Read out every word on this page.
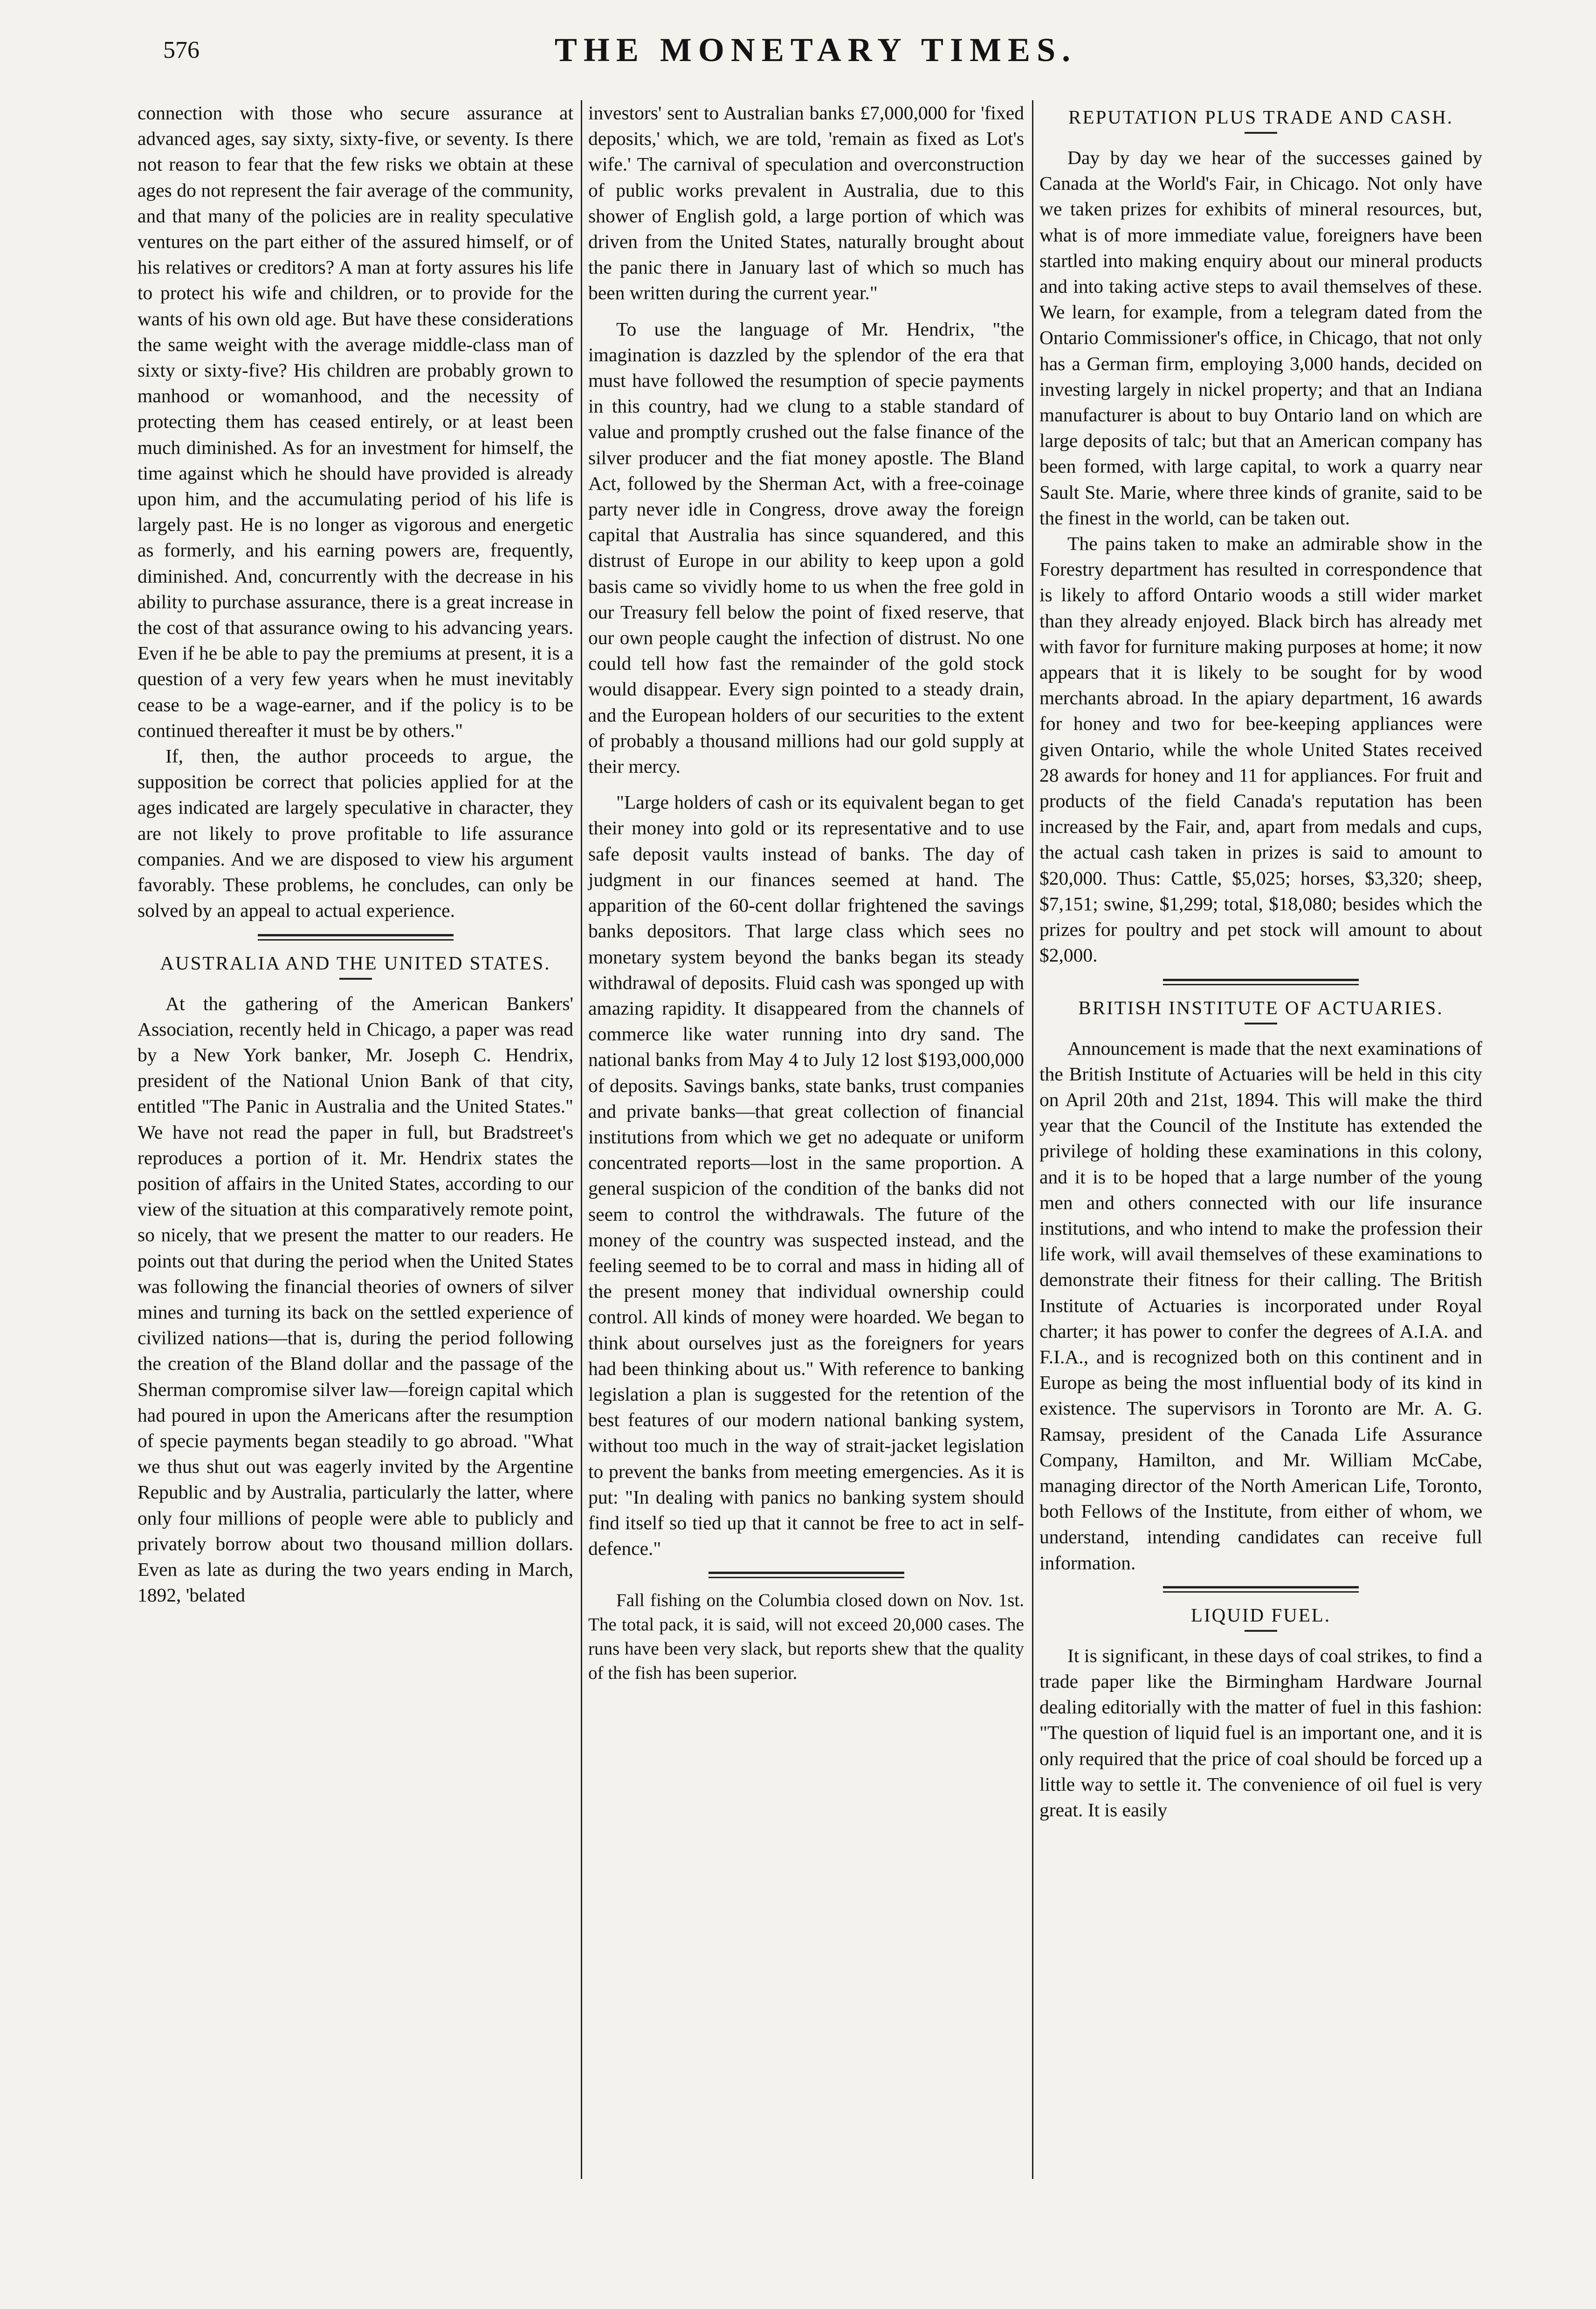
576	THE MONETARY TIMES.

connection with those who secure assurance at advanced ages, say sixty, sixty-five, or seventy. Is there not reason to fear that the few risks we obtain at these ages do not represent the fair average of the community, and that many of the policies are in reality speculative ventures on the part either of the assured himself, or of his relatives or creditors? A man at forty assures his life to protect his wife and children, or to provide for the wants of his own old age. But have these considerations the same weight with the average middle-class man of sixty or sixty-five? His children are probably grown to manhood or womanhood, and the necessity of protecting them has ceased entirely, or at least been much diminished. As for an investment for himself, the time against which he should have provided is already upon him, and the accumulating period of his life is largely past. He is no longer as vigorous and energetic as formerly, and his earning powers are, frequently, diminished. And, concurrently with the decrease in his ability to purchase assurance, there is a great increase in the cost of that assurance owing to his advancing years. Even if he be able to pay the premiums at present, it is a question of a very few years when he must inevitably cease to be a wage-earner, and if the policy is to be continued thereafter it must be by others."

If, then, the author proceeds to argue, the supposition be correct that policies applied for at the ages indicated are largely speculative in character, they are not likely to prove profitable to life assurance companies. And we are disposed to view his argument favorably. These problems, he concludes, can only be solved by an appeal to actual experience.

AUSTRALIA AND THE UNITED STATES.

At the gathering of the American Bankers' Association, recently held in Chicago, a paper was read by a New York banker, Mr. Joseph C. Hendrix, president of the National Union Bank of that city, entitled "The Panic in Australia and the United States." We have not read the paper in full, but Bradstreet's reproduces a portion of it. Mr. Hendrix states the position of affairs in the United States, according to our view of the situation at this comparatively remote point, so nicely, that we present the matter to our readers. He points out that during the period when the United States was following the financial theories of owners of silver mines and turning its back on the settled experience of civilized nations—that is, during the period following the creation of the Bland dollar and the passage of the Sherman compromise silver law—foreign capital which had poured in upon the Americans after the resumption of specie payments began steadily to go abroad. "What we thus shut out was eagerly invited by the Argentine Republic and by Australia, particularly the latter, where only four millions of people were able to publicly and privately borrow about two thousand million dollars. Even as late as during the two years ending in March, 1892, 'belated

investors' sent to Australian banks £7,000,000 for 'fixed deposits,' which, we are told, 'remain as fixed as Lot's wife.' The carnival of speculation and overconstruction of public works prevalent in Australia, due to this shower of English gold, a large portion of which was driven from the United States, naturally brought about the panic there in January last of which so much has been written during the current year."

To use the language of Mr. Hendrix, "the imagination is dazzled by the splendor of the era that must have followed the resumption of specie payments in this country, had we clung to a stable standard of value and promptly crushed out the false finance of the silver producer and the fiat money apostle. The Bland Act, followed by the Sherman Act, with a free-coinage party never idle in Congress, drove away the foreign capital that Australia has since squandered, and this distrust of Europe in our ability to keep upon a gold basis came so vividly home to us when the free gold in our Treasury fell below the point of fixed reserve, that our own people caught the infection of distrust. No one could tell how fast the remainder of the gold stock would disappear. Every sign pointed to a steady drain, and the European holders of our securities to the extent of probably a thousand millions had our gold supply at their mercy.

"Large holders of cash or its equivalent began to get their money into gold or its representative and to use safe deposit vaults instead of banks. The day of judgment in our finances seemed at hand. The apparition of the 60-cent dollar frightened the savings banks depositors. That large class which sees no monetary system beyond the banks began its steady withdrawal of deposits. Fluid cash was sponged up with amazing rapidity. It disappeared from the channels of commerce like water running into dry sand. The national banks from May 4 to July 12 lost $193,000,000 of deposits. Savings banks, state banks, trust companies and private banks—that great collection of financial institutions from which we get no adequate or uniform concentrated reports—lost in the same proportion. A general suspicion of the condition of the banks did not seem to control the withdrawals. The future of the money of the country was suspected instead, and the feeling seemed to be to corral and mass in hiding all of the present money that individual ownership could control. All kinds of money were hoarded. We began to think about ourselves just as the foreigners for years had been thinking about us." With reference to banking legislation a plan is suggested for the retention of the best features of our modern national banking system, without too much in the way of strait-jacket legislation to prevent the banks from meeting emergencies. As it is put: "In dealing with panics no banking system should find itself so tied up that it cannot be free to act in self-defence."

Fall fishing on the Columbia closed down on Nov. 1st. The total pack, it is said, will not exceed 20,000 cases. The runs have been very slack, but reports shew that the quality of the fish has been superior.

REPUTATION PLUS TRADE AND CASH.

Day by day we hear of the successes gained by Canada at the World's Fair, in Chicago. Not only have we taken prizes for exhibits of mineral resources, but, what is of more immediate value, foreigners have been startled into making enquiry about our mineral products and into taking active steps to avail themselves of these. We learn, for example, from a telegram dated from the Ontario Commissioner's office, in Chicago, that not only has a German firm, employing 3,000 hands, decided on investing largely in nickel property; and that an Indiana manufacturer is about to buy Ontario land on which are large deposits of talc; but that an American company has been formed, with large capital, to work a quarry near Sault Ste. Marie, where three kinds of granite, said to be the finest in the world, can be taken out.

The pains taken to make an admirable show in the Forestry department has resulted in correspondence that is likely to afford Ontario woods a still wider market than they already enjoyed. Black birch has already met with favor for furniture making purposes at home; it now appears that it is likely to be sought for by wood merchants abroad. In the apiary department, 16 awards for honey and two for bee-keeping appliances were given Ontario, while the whole United States received 28 awards for honey and 11 for appliances. For fruit and products of the field Canada's reputation has been increased by the Fair, and, apart from medals and cups, the actual cash taken in prizes is said to amount to $20,000. Thus: Cattle, $5,025; horses, $3,320; sheep, $7,151; swine, $1,299; total, $18,080; besides which the prizes for poultry and pet stock will amount to about $2,000.

BRITISH INSTITUTE OF ACTUARIES.

Announcement is made that the next examinations of the British Institute of Actuaries will be held in this city on April 20th and 21st, 1894. This will make the third year that the Council of the Institute has extended the privilege of holding these examinations in this colony, and it is to be hoped that a large number of the young men and others connected with our life insurance institutions, and who intend to make the profession their life work, will avail themselves of these examinations to demonstrate their fitness for their calling. The British Institute of Actuaries is incorporated under Royal charter; it has power to confer the degrees of A.I.A. and F.I.A., and is recognized both on this continent and in Europe as being the most influential body of its kind in existence. The supervisors in Toronto are Mr. A. G. Ramsay, president of the Canada Life Assurance Company, Hamilton, and Mr. William McCabe, managing director of the North American Life, Toronto, both Fellows of the Institute, from either of whom, we understand, intending candidates can receive full information.

LIQUID FUEL.

It is significant, in these days of coal strikes, to find a trade paper like the Birmingham Hardware Journal dealing editorially with the matter of fuel in this fashion: "The question of liquid fuel is an important one, and it is only required that the price of coal should be forced up a little way to settle it. The convenience of oil fuel is very great. It is easily
